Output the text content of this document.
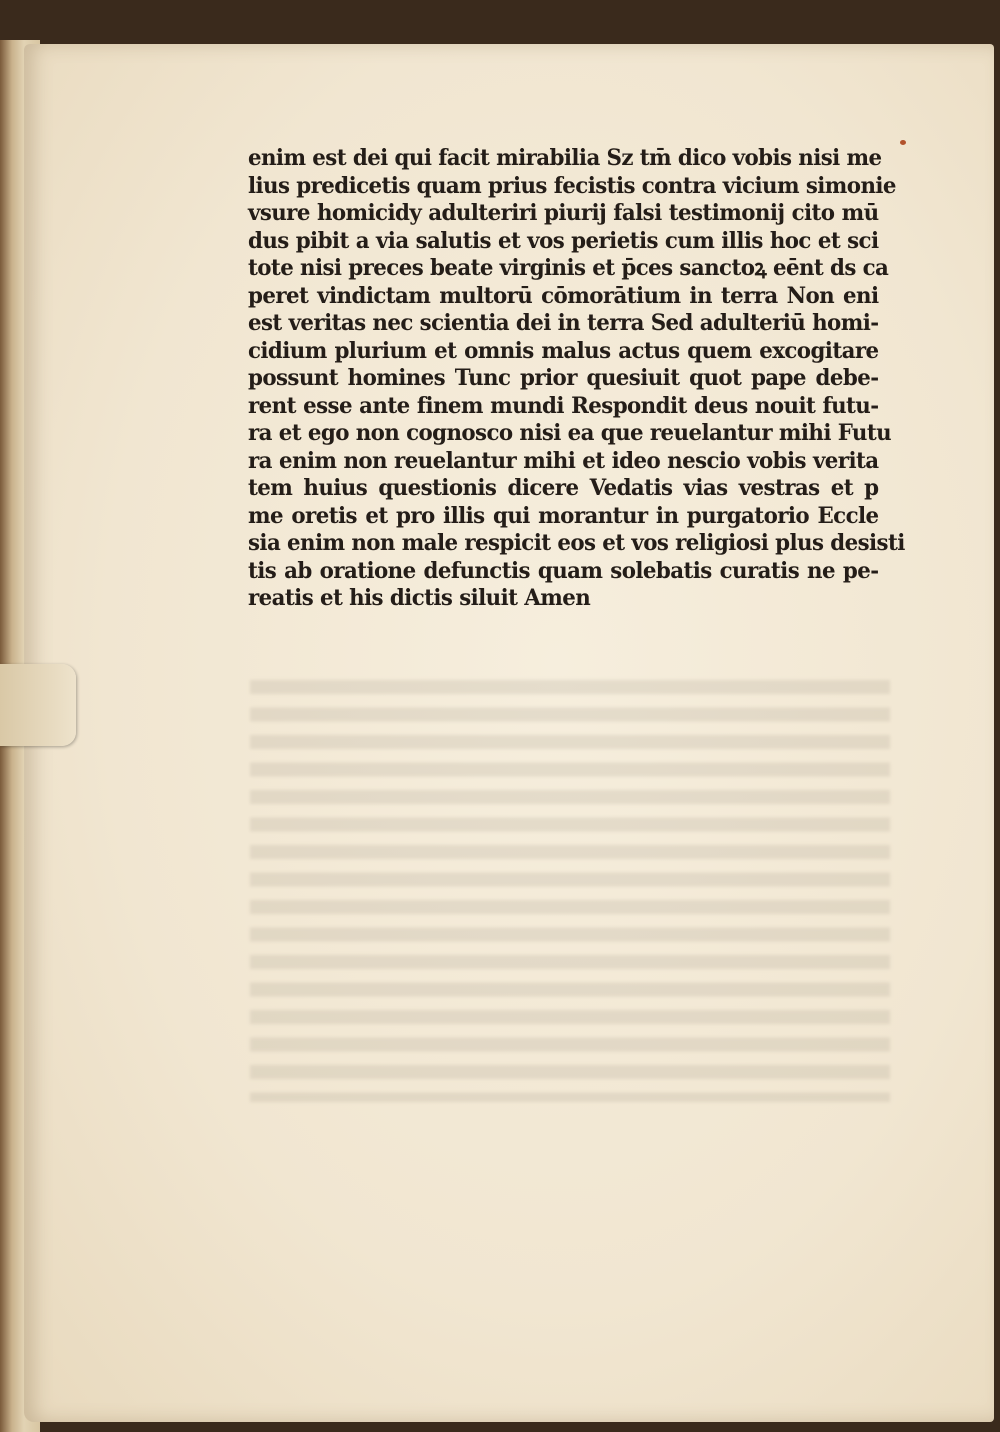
enim est dei qui facit mirabilia Sz tm̄ dico vobis nisi me
lius predicetis quam prius fecistis contra vicium simonie
vsure homicidy adulteriri piurij falsi testimonij cito mū
dus pibit a via salutis et vos perietis cum illis hoc et sci
tote nisi preces beate virginis et p̄ces sanctoꝝ eēnt ds ca
peret vindictam multorū cōmorātium in terra Non eni
est veritas nec scientia dei in terra Sed adulteriū homi-
cidium plurium et omnis malus actus quem excogitare
possunt homines Tunc prior quesiuit quot pape debe-
rent esse ante finem mundi Respondit deus nouit futu-
ra et ego non cognosco nisi ea que reuelantur mihi Futu
ra enim non reuelantur mihi et ideo nescio vobis verita
tem huius questionis dicere Vedatis vias vestras et p
me oretis et pro illis qui morantur in purgatorio Eccle
sia enim non male respicit eos et vos religiosi plus desisti
tis ab oratione defunctis quam solebatis curatis ne pe-
reatis et his dictis siluit Amen
